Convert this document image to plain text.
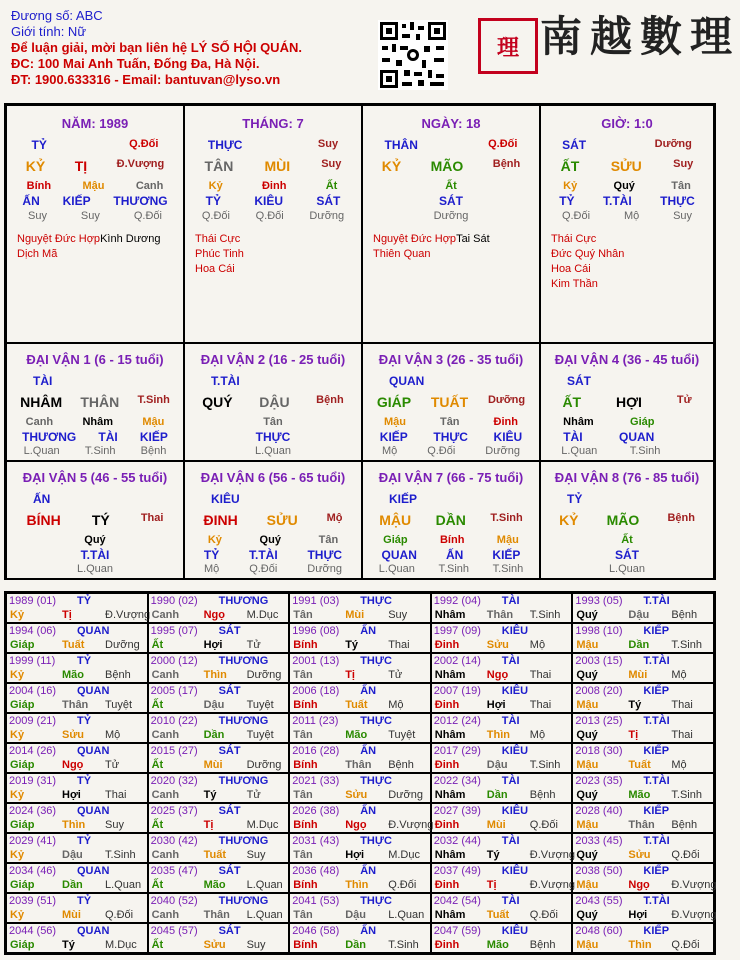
Đương số: ABC
Giới tính: Nữ
Để luận giải, mời bạn liên hệ LÝ SỐ HỘI QUÁN.
ĐC: 100 Mai Anh Tuấn, Đống Đa, Hà Nội.
ĐT: 1900.633316 - Email: bantuvan@lyso.vn
理 南越數理
NĂM: 1989
TỶ	Q.Đối
KỶ TỊ	Đ.Vượng
Bính	Mậu	Canh
ẤN KIẾP THƯƠNG
Suy	Suy	Q.Đối
Nguyệt Đức HợpKình Dương
Dịch Mã
THÁNG: 7
THỰC	Suy
TÂN MÙI	Suy
Kỷ	Đinh	Ất
TỶ	KIÊU	SÁT
Q.Đối Q.Đối Dưỡng
Thái Cực
Phúc Tinh
Hoa Cái
NGÀY: 18
THÂN	Q.Đối
KỶ MÃO	Bệnh
Ất
SÁT
Dưỡng
Nguyệt Đức HợpTai Sát
Thiên Quan
GIỜ: 1:0
SÁT	Dưỡng
ẤT SỬU	Suy
Kỷ	Quý	Tân
TỶ T.TÀI THỰC
Q.Đối	Mộ	Suy
Thái Cực
Đức Quý Nhân
Hoa Cái
Kim Thần
ĐẠI VẬN 1 (6 - 15 tuổi)
TÀI
NHÂM THÂN T.Sinh
Canh	Nhâm	Mậu
THƯƠNG TÀI KIẾP
L.Quan T.Sinh Bệnh
ĐẠI VẬN 2 (16 - 25 tuổi)
T.TÀI
QUÝ DẬU Bệnh
Tân
THỰC
L.Quan
ĐẠI VẬN 3 (26 - 35 tuổi)
QUAN
GIÁP TUẤT Dưỡng
Mậu	Tân	Đinh
KIẾP THỰC KIÊU
Mộ	Q.Đối	Dưỡng
ĐẠI VẬN 4 (36 - 45 tuổi)
SÁT
ẤT HỢI	Tử
Nhâm	Giáp
TÀI	QUAN
L.Quan	T.Sinh
ĐẠI VẬN 5 (46 - 55 tuổi)
ẤN
BÍNH TÝ	Thai
Quý
T.TÀI
L.Quan
ĐẠI VẬN 6 (56 - 65 tuổi)
KIÊU
ĐINH SỬU	Mộ
Kỷ	Quý	Tân
TỶ T.TÀI THỰC
Mộ	Q.Đối	Dưỡng
ĐẠI VẬN 7 (66 - 75 tuổi)
KIẾP
MẬU DẦN T.Sinh
Giáp	Bính	Mậu
QUAN ẤN KIẾP
L.Quan T.Sinh T.Sinh
ĐẠI VẬN 8 (76 - 85 tuổi)
TỶ
KỶ MÃO	Bệnh
Ất
SÁT
L.Quan
1989 (01) TỶ
Kỷ	Tị	Đ.Vượng
1990 (02) THƯƠNG
Canh Ngọ M.Dục
1991 (03) THỰC
Tân	Mùi Suy
1992 (04) TÀI
Nhâm Thân T.Sinh
1993 (05) T.TÀI
Quý	Dậu Bệnh
1994 (06) QUAN
Giáp	Tuất Dưỡng
1995 (07) SÁT
Ất	Hợi Tử
1996 (08) ẤN
Bính	Tý	Thai
1997 (09) KIÊU
Đinh	Sửu Mộ
1998 (10) KIẾP
Mậu	Dần T.Sinh
1999 (11) TỶ
Kỷ	Mão Bệnh
2000 (12) THƯƠNG
Canh Thìn Dưỡng
2001 (13) THỰC
Tân	Tị	Tử
2002 (14) TÀI
Nhâm Ngọ Thai
2003 (15) T.TÀI
Quý	Mùi Mộ
2004 (16) QUAN
Giáp	Thân Tuyệt
2005 (17) SÁT
Ất	Dậu Tuyệt
2006 (18) ẤN
Bính	Tuất Mộ
2007 (19) KIÊU
Đinh	Hợi Thai
2008 (20) KIẾP
Mậu	Tý	Thai
2009 (21) TỶ
Kỷ	Sửu Mộ
2010 (22) THƯƠNG
Canh Dần Tuyệt
2011 (23) THỰC
Tân	Mão Tuyệt
2012 (24) TÀI
Nhâm Thìn Mộ
2013 (25) T.TÀI
Quý	Tị	Thai
2014 (26) QUAN
Giáp	Ngọ Tử
2015 (27) SÁT
Ất	Mùi Dưỡng
2016 (28) ẤN
Bính	Thân Bệnh
2017 (29) KIÊU
Đinh	Dậu T.Sinh
2018 (30) KIẾP
Mậu	Tuất Mộ
2019 (31) TỶ
Kỷ	Hợi Thai
2020 (32) THƯƠNG
Canh Tý	Tử
2021 (33) THỰC
Tân	Sửu Dưỡng
2022 (34) TÀI
Nhâm Dần Bệnh
2023 (35) T.TÀI
Quý	Mão T.Sinh
2024 (36) QUAN
Giáp	Thìn Suy
2025 (37) SÁT
Ất	Tị	M.Dục
2026 (38) ẤN
Bính	Ngọ Đ.Vượng
2027 (39) KIÊU
Đinh	Mùi Q.Đối
2028 (40) KIẾP
Mậu	Thân Bệnh
2029 (41) TỶ
Kỷ	Dậu T.Sinh
2030 (42) THƯƠNG
Canh Tuất Suy
2031 (43) THỰC
Tân	Hợi M.Dục
2032 (44) TÀI
Nhâm Tý	Đ.Vượng
2033 (45) T.TÀI
Quý	Sửu Q.Đối
2034 (46) QUAN
Giáp	Dần L.Quan
2035 (47) SÁT
Ất	Mão L.Quan
2036 (48) ẤN
Bính	Thìn Q.Đối
2037 (49) KIÊU
Đinh	Tị	Đ.Vượng
2038 (50) KIẾP
Mậu	Ngọ Đ.Vượng
2039 (51) TỶ
Kỷ	Mùi Q.Đối
2040 (52) THƯƠNG
Canh Thân L.Quan
2041 (53) THỰC
Tân	Dậu L.Quan
2042 (54) TÀI
Nhâm Tuất Q.Đối
2043 (55) T.TÀI
Quý	Hợi Đ.Vượng
2044 (56) QUAN
Giáp	Tý	M.Dục
2045 (57) SÁT
Ất	Sửu Suy
2046 (58) ẤN
Bính	Dần T.Sinh
2047 (59) KIÊU
Đinh	Mão Bệnh
2048 (60) KIẾP
Mậu	Thìn Q.Đối
